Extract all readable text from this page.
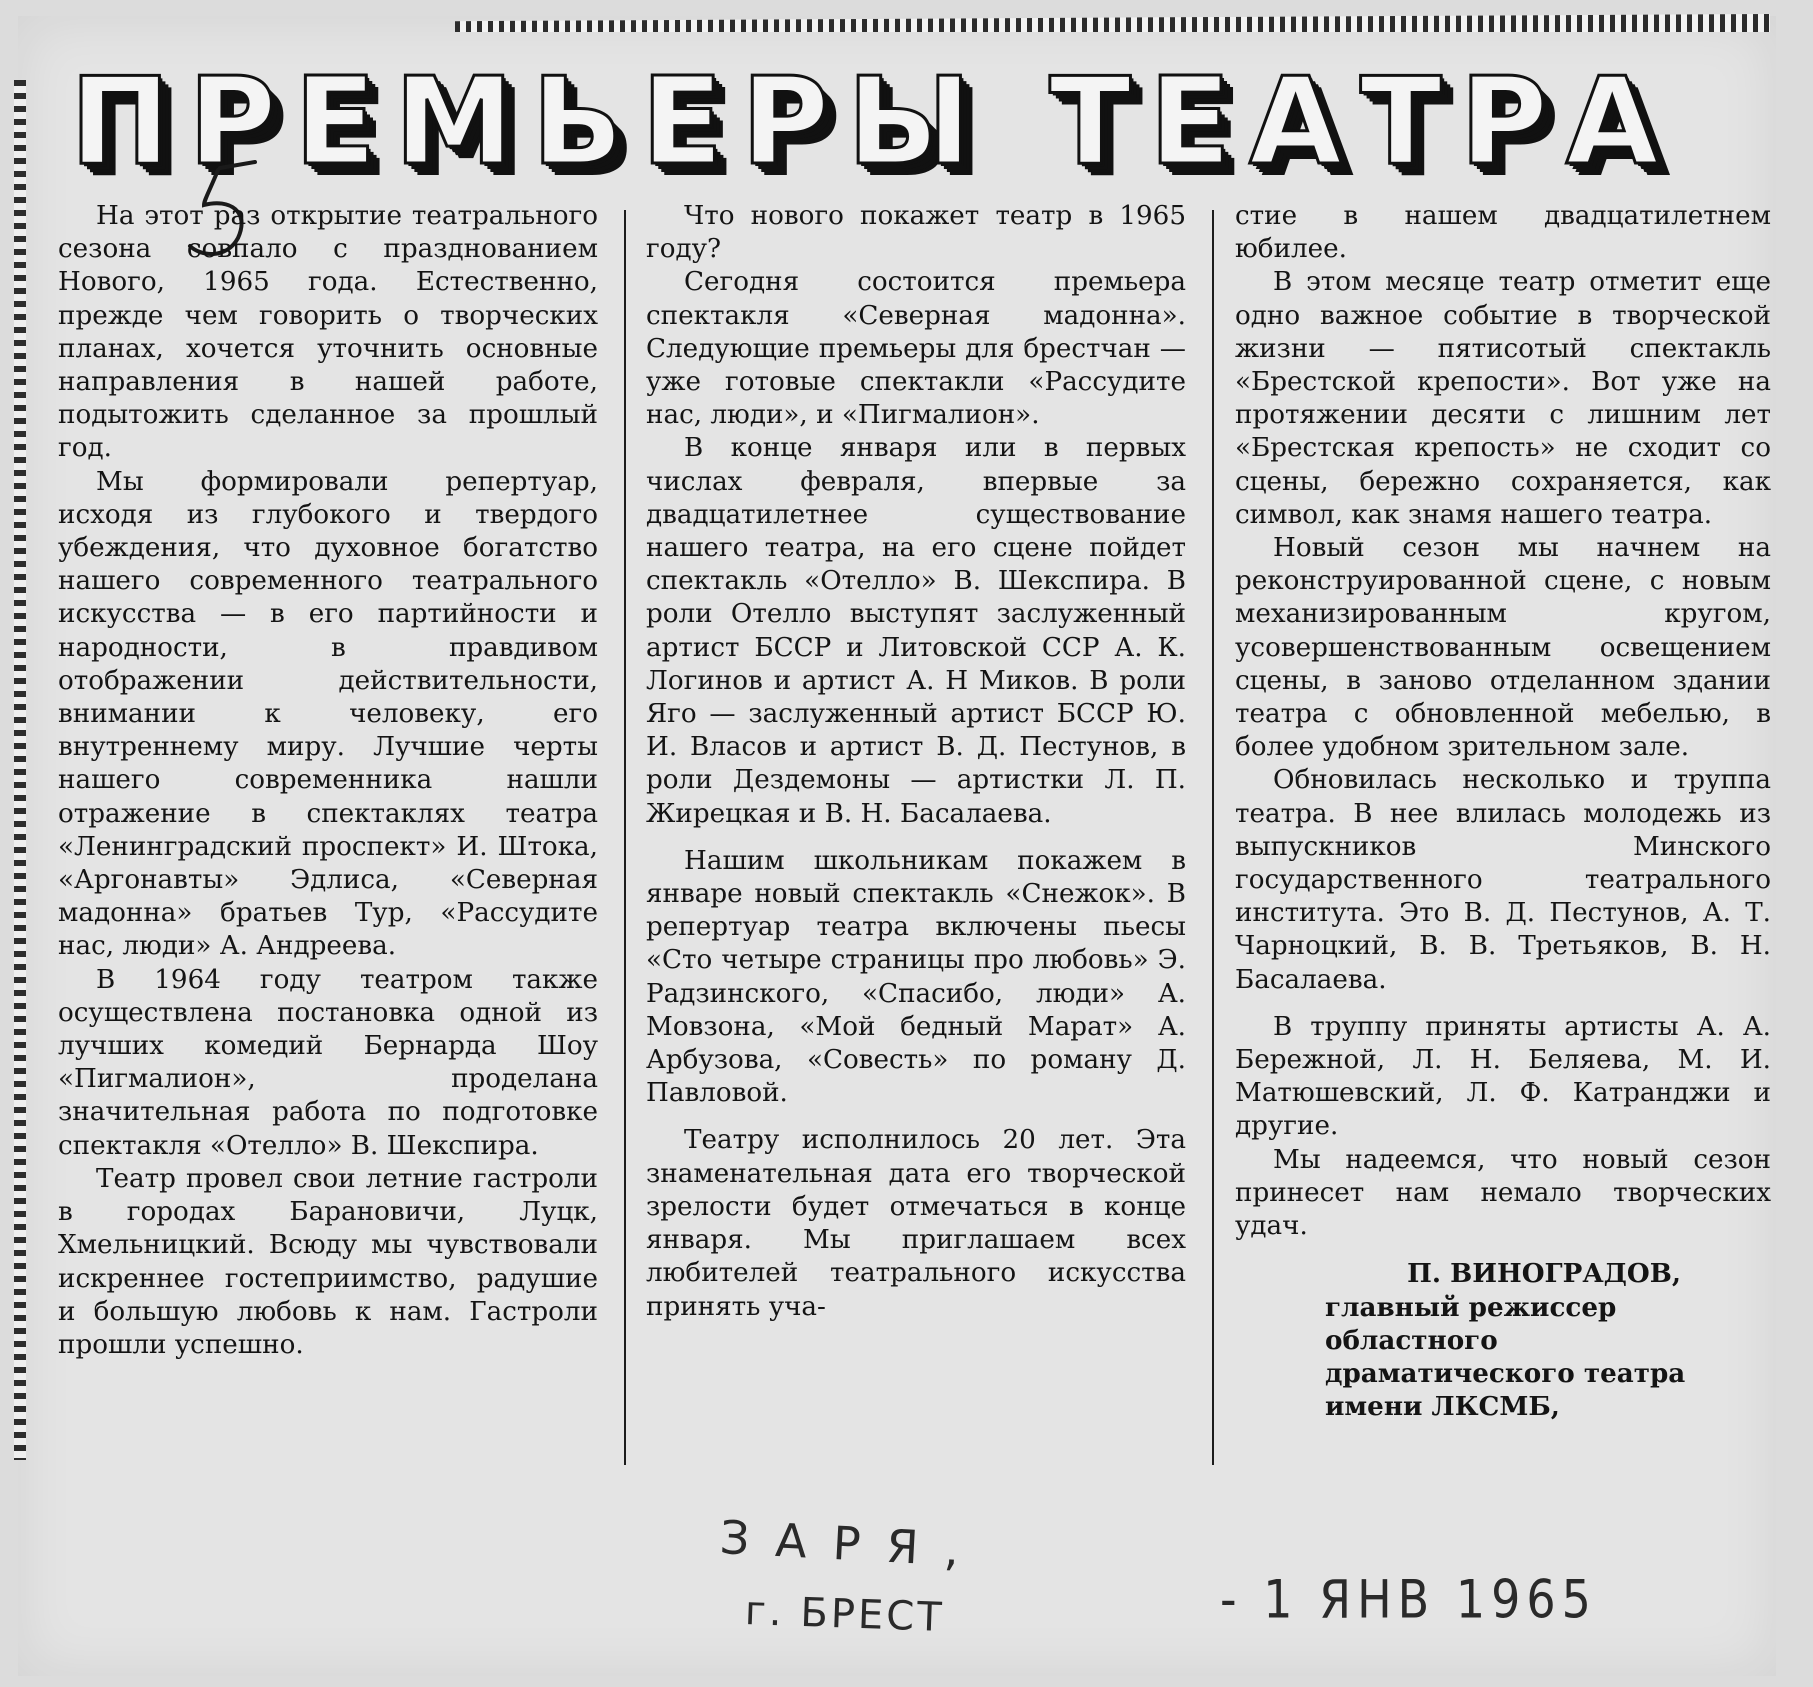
ПРЕМЬЕРЫ ТЕАТРА

На этот раз открытие театрального сезона совпало с празднованием Нового, 1965 года. Естественно, прежде чем говорить о творческих планах, хочется уточнить основные направления в нашей работе, подытожить сделанное за прошлый год.

Мы формировали репертуар, исходя из глубокого и твердого убеждения, что духовное богатство нашего современного театрального искусства — в его партийности и народности, в правдивом отображении действительности, внимании к человеку, его внутреннему миру. Лучшие черты нашего современника нашли отражение в спектаклях театра «Ленинградский проспект» И. Штока, «Аргонавты» Эдлиса, «Северная мадонна» братьев Тур, «Рассудите нас, люди» А. Андреева.

В 1964 году театром также осуществлена постановка одной из лучших комедий Бернарда Шоу «Пигмалион», проделана значительная работа по подготовке спектакля «Отелло» В. Шекспира.

Театр провел свои летние гастроли в городах Барановичи, Луцк, Хмельницкий. Всюду мы чувствовали искреннее гостеприимство, радушие и большую любовь к нам. Гастроли прошли успешно.

Что нового покажет театр в 1965 году?

Сегодня состоится премьера спектакля «Северная мадонна». Следующие премьеры для брестчан — уже готовые спектакли «Рассудите нас, люди», и «Пигмалион».

В конце января или в первых числах февраля, впервые за двадцатилетнее существование нашего театра, на его сцене пойдет спектакль «Отелло» В. Шекспира. В роли Отелло выступят заслуженный артист БССР и Литовской ССР А. К. Логинов и артист А. Н Миков. В роли Яго — заслуженный артист БССР Ю. И. Власов и артист В. Д. Пестунов, в роли Дездемоны — артистки Л. П. Жирецкая и В. Н. Басалаева.

Нашим школьникам покажем в январе новый спектакль «Снежок». В репертуар театра включены пьесы «Сто четыре страницы про любовь» Э. Радзинского, «Спасибо, люди» А. Мовзона, «Мой бедный Марат» А. Арбузова, «Совесть» по роману Д. Павловой.

Театру исполнилось 20 лет. Эта знаменательная дата его творческой зрелости будет отмечаться в конце января. Мы приглашаем всех любителей театрального искусства принять уча-

стие в нашем двадцатилетнем юбилее.

В этом месяце театр отметит еще одно важное событие в творческой жизни — пятисотый спектакль «Брестской крепости». Вот уже на протяжении десяти с лишним лет «Брестская крепость» не сходит со сцены, бережно сохраняется, как символ, как знамя нашего театра.

Новый сезон мы начнем на реконструированной сцене, с новым механизированным кругом, усовершенствованным освещением сцены, в заново отделанном здании театра с обновленной мебелью, в более удобном зрительном зале.

Обновилась несколько и труппа театра. В нее влилась молодежь из выпускников Минского государственного театрального института. Это В. Д. Пестунов, А. Т. Чарноцкий, В. В. Третьяков, В. Н. Басалаева.

В труппу приняты артисты А. А. Бережной, Л. Н. Беляева, М. И. Матюшевский, Л. Ф. Катранджи и другие.

Мы надеемся, что новый сезон принесет нам немало творческих удач.

П. ВИНОГРАДОВ,
главный режиссер областного драматического театра имени ЛКСМБ,
ЗАРЯ,
г. БРЕСТ	- 1 ЯНВ 1965
